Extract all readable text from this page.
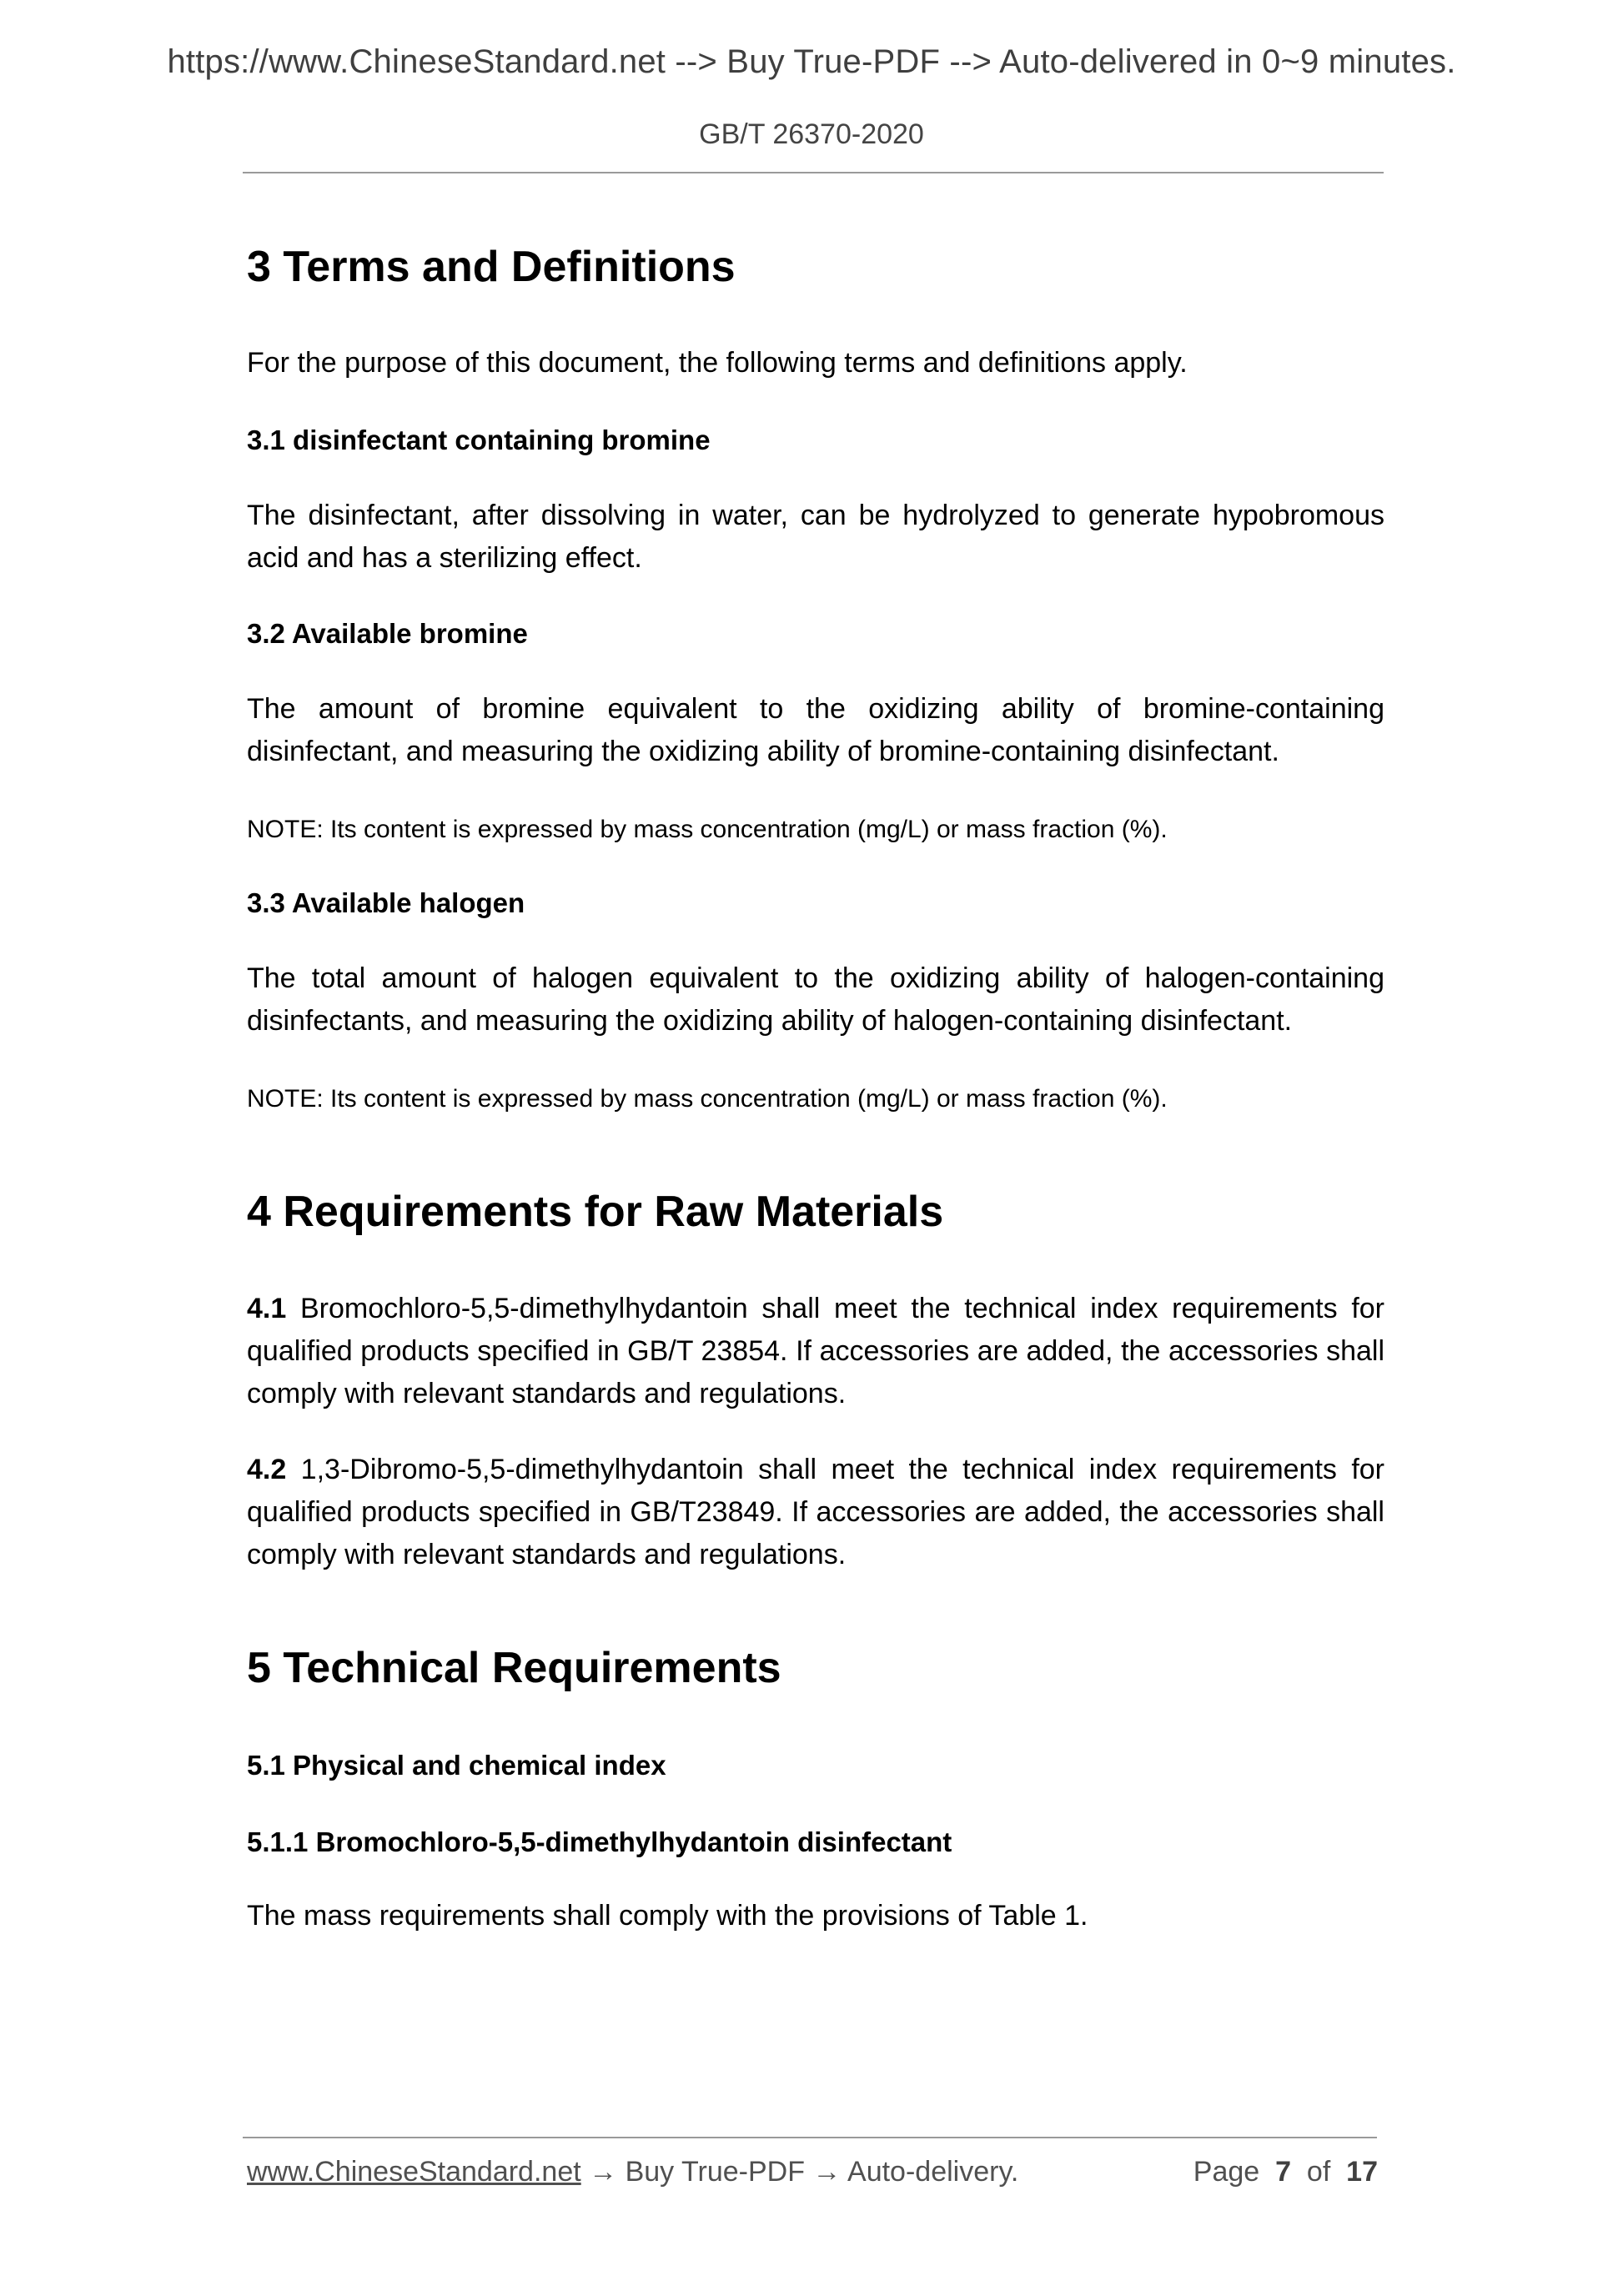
https://www.ChineseStandard.net --> Buy True-PDF --> Auto-delivered in 0~9 minutes.
GB/T 26370-2020
3 Terms and Definitions

For the purpose of this document, the following terms and definitions apply.

3.1 disinfectant containing bromine

The disinfectant, after dissolving in water, can be hydrolyzed to generate hypobromous acid and has a sterilizing effect.

3.2 Available bromine

The amount of bromine equivalent to the oxidizing ability of bromine-containing disinfectant, and measuring the oxidizing ability of bromine-containing disinfectant.

NOTE: Its content is expressed by mass concentration (mg/L) or mass fraction (%).

3.3 Available halogen

The total amount of halogen equivalent to the oxidizing ability of halogen-containing disinfectants, and measuring the oxidizing ability of halogen-containing disinfectant.

NOTE: Its content is expressed by mass concentration (mg/L) or mass fraction (%).

4 Requirements for Raw Materials

4.1 Bromochloro-5,5-dimethylhydantoin shall meet the technical index requirements for qualified products specified in GB/T 23854. If accessories are added, the accessories shall comply with relevant standards and regulations.

4.2 1,3-Dibromo-5,5-dimethylhydantoin shall meet the technical index requirements for qualified products specified in GB/T23849. If accessories are added, the accessories shall comply with relevant standards and regulations.

5 Technical Requirements
5.1 Physical and chemical index
5.1.1 Bromochloro-5,5-dimethylhydantoin disinfectant

The mass requirements shall comply with the provisions of Table 1.

www.ChineseStandard.net → Buy True-PDF → Auto-delivery.	Page 7 of 17
